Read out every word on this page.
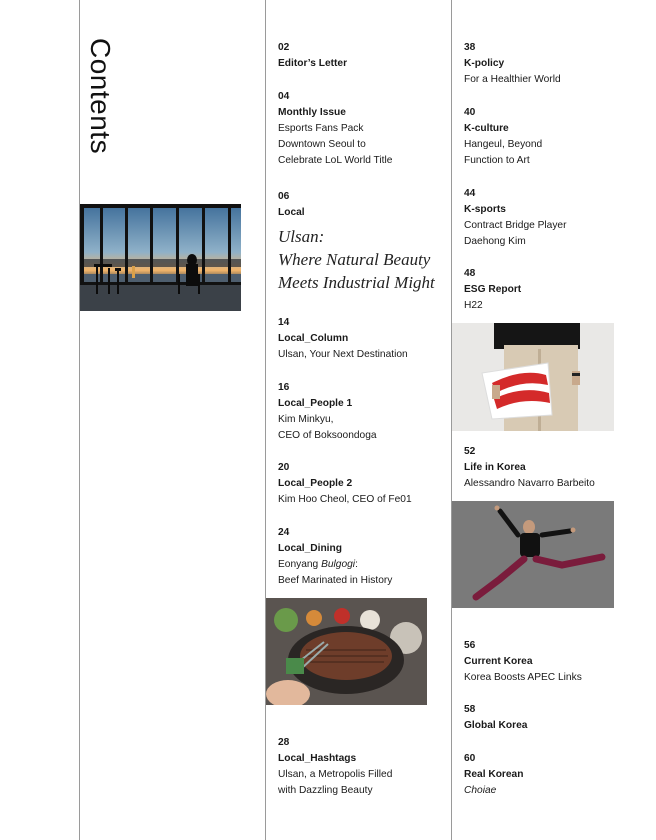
Contents	02
Editor’s Letter
04
Monthly Issue
Esports Fans Pack
Downtown Seoul to
Celebrate LoL World Title
06
Local
Ulsan:
Where Natural Beauty
Meets Industrial Might
14
Local_Column
Ulsan, Your Next Destination
16
Local_People 1
Kim Minkyu,
CEO of Boksoondoga
20
Local_People 2
Kim Hoo Cheol, CEO of Fe01
24
Local_Dining
Eonyang Bulgogi:
Beef Marinated in History
28
Local_Hashtags
Ulsan, a Metropolis Filled
with Dazzling Beauty
38
K-policy
For a Healthier World
40
K-culture
Hangeul, Beyond
Function to Art
44
K-sports
Contract Bridge Player
Daehong Kim
48
ESG Report
H22
52
Life in Korea
Alessandro Navarro Barbeito
56
Current Korea
Korea Boosts APEC Links
58
Global Korea
60
Real Korean
Choiae
